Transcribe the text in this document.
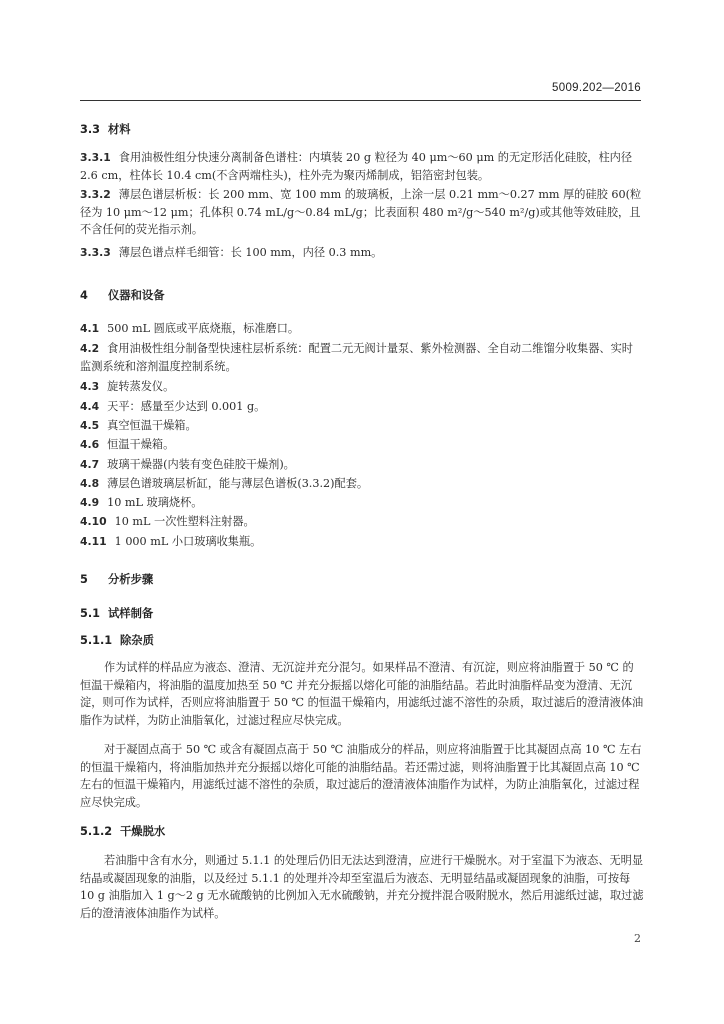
5009.202—2016
3.3 材料

3.3.1 食用油极性组分快速分离制备色谱柱：内填装 20 g 粒径为 40 μm～60 μm 的无定形活化硅胶，柱内径 2.6 cm，柱体长 10.4 cm(不含两端柱头)，柱外壳为聚丙烯制成，铝箔密封包装。

3.3.2 薄层色谱层析板：长 200 mm、宽 100 mm 的玻璃板，上涂一层 0.21 mm～0.27 mm 厚的硅胶 60(粒径为 10 μm～12 μm；孔体积 0.74 mL/g～0.84 mL/g；比表面积 480 m²/g～540 m²/g)或其他等效硅胶，且不含任何的荧光指示剂。

3.3.3 薄层色谱点样毛细管：长 100 mm，内径 0.3 mm。

4 仪器和设备

4.1 500 mL 圆底或平底烧瓶，标准磨口。

4.2 食用油极性组分制备型快速柱层析系统：配置二元无阀计量泵、紫外检测器、全自动二维馏分收集器、实时监测系统和溶剂温度控制系统。

4.3 旋转蒸发仪。

4.4 天平：感量至少达到 0.001 g。

4.5 真空恒温干燥箱。

4.6 恒温干燥箱。

4.7 玻璃干燥器(内装有变色硅胶干燥剂)。

4.8 薄层色谱玻璃层析缸，能与薄层色谱板(3.3.2)配套。

4.9 10 mL 玻璃烧杯。

4.10 10 mL 一次性塑料注射器。

4.11 1 000 mL 小口玻璃收集瓶。

5 分析步骤
5.1 试样制备
5.1.1 除杂质

作为试样的样品应为液态、澄清、无沉淀并充分混匀。如果样品不澄清、有沉淀，则应将油脂置于 50 ℃ 的恒温干燥箱内，将油脂的温度加热至 50 ℃ 并充分振摇以熔化可能的油脂结晶。若此时油脂样品变为澄清、无沉淀，则可作为试样，否则应将油脂置于 50 ℃ 的恒温干燥箱内，用滤纸过滤不溶性的杂质，取过滤后的澄清液体油脂作为试样，为防止油脂氧化，过滤过程应尽快完成。

对于凝固点高于 50 ℃ 或含有凝固点高于 50 ℃ 油脂成分的样品，则应将油脂置于比其凝固点高 10 ℃ 左右的恒温干燥箱内，将油脂加热并充分振摇以熔化可能的油脂结晶。若还需过滤，则将油脂置于比其凝固点高 10 ℃ 左右的恒温干燥箱内，用滤纸过滤不溶性的杂质，取过滤后的澄清液体油脂作为试样，为防止油脂氧化，过滤过程应尽快完成。

5.1.2 干燥脱水

若油脂中含有水分，则通过 5.1.1 的处理后仍旧无法达到澄清，应进行干燥脱水。对于室温下为液态、无明显结晶或凝固现象的油脂，以及经过 5.1.1 的处理并冷却至室温后为液态、无明显结晶或凝固现象的油脂，可按每 10 g 油脂加入 1 g～2 g 无水硫酸钠的比例加入无水硫酸钠，并充分搅拌混合吸附脱水，然后用滤纸过滤，取过滤后的澄清液体油脂作为试样。

2
